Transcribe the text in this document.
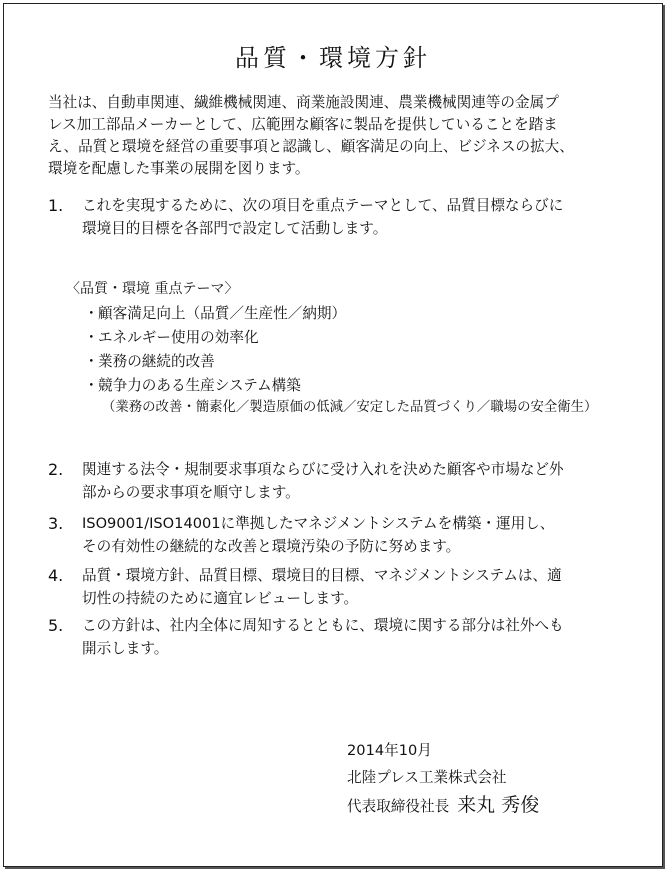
品質・環境方針
当社は、自動車関連、繊維機械関連、商業施設関連、農業機械関連等の金属プ
レス加工部品メーカーとして、広範囲な顧客に製品を提供していることを踏ま
え、品質と環境を経営の重要事項と認識し、顧客満足の向上、ビジネスの拡大、
環境を配慮した事業の展開を図ります。
1. これを実現するために、次の項目を重点テーマとして、品質目標ならびに
環境目的目標を各部門で設定して活動します。
〈品質・環境 重点テーマ〉
・顧客満足向上（品質／生産性／納期）
・エネルギー使用の効率化
・業務の継続的改善
・競争力のある生産システム構築
（業務の改善・簡素化／製造原価の低減／安定した品質づくり／職場の安全衛生）
2. 関連する法令・規制要求事項ならびに受け入れを決めた顧客や市場など外
部からの要求事項を順守します。
3. ISO9001/ISO14001に準拠したマネジメントシステムを構築・運用し、
その有効性の継続的な改善と環境汚染の予防に努めます。
4. 品質・環境方針、品質目標、環境目的目標、マネジメントシステムは、適
切性の持続のために適宜レビューします。
5. この方針は、社内全体に周知するとともに、環境に関する部分は社外へも
開示します。
2014年10月
北陸プレス工業株式会社
代表取締役社長 来丸 秀俊
